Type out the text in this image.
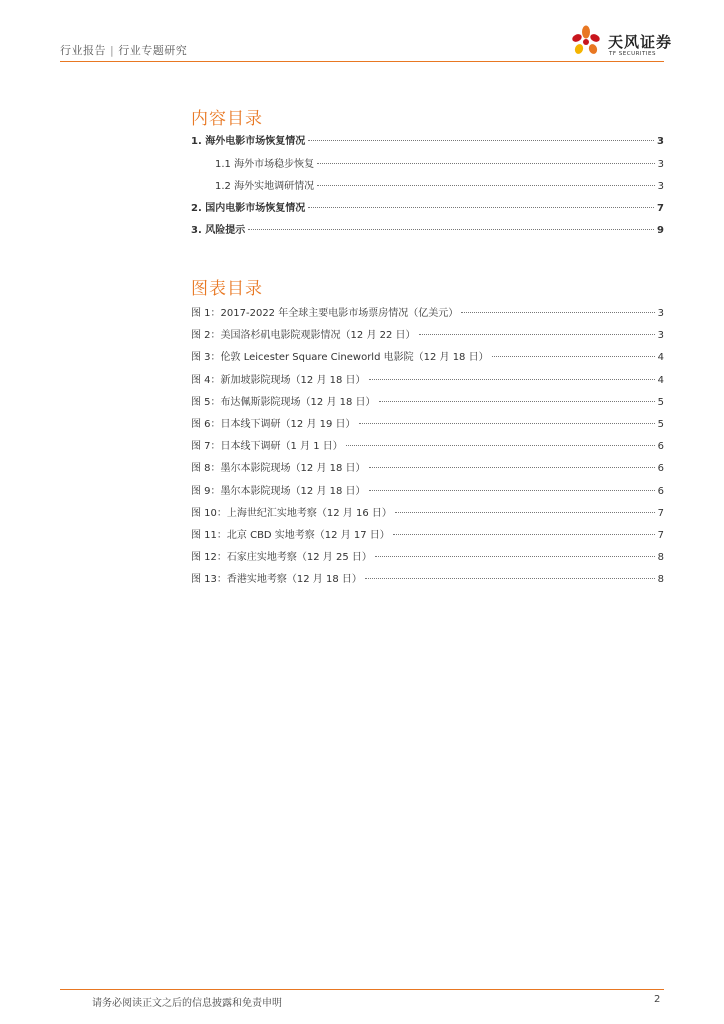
行业报告 | 行业专题研究	天风证券
TF SECURITIES
内容目录
1. 海外电影市场恢复情况	3
1.1 海外市场稳步恢复	3
1.2 海外实地调研情况	3
2. 国内电影市场恢复情况	7
3. 风险提示	9
图表目录
图 1：2017-2022 年全球主要电影市场票房情况（亿美元）	3
图 2：美国洛杉矶电影院观影情况（12 月 22 日）	3
图 3：伦敦 Leicester Square Cineworld 电影院（12 月 18 日）	4
图 4：新加坡影院现场（12 月 18 日）	4
图 5：布达佩斯影院现场（12 月 18 日）	5
图 6：日本线下调研（12 月 19 日）	5
图 7：日本线下调研（1 月 1 日）	6
图 8：墨尔本影院现场（12 月 18 日）	6
图 9：墨尔本影院现场（12 月 18 日）	6
图 10：上海世纪汇实地考察（12 月 16 日）	7
图 11：北京 CBD 实地考察（12 月 17 日）	7
图 12：石家庄实地考察（12 月 25 日）	8
图 13：香港实地考察（12 月 18 日）	8
请务必阅读正文之后的信息披露和免责申明	2
